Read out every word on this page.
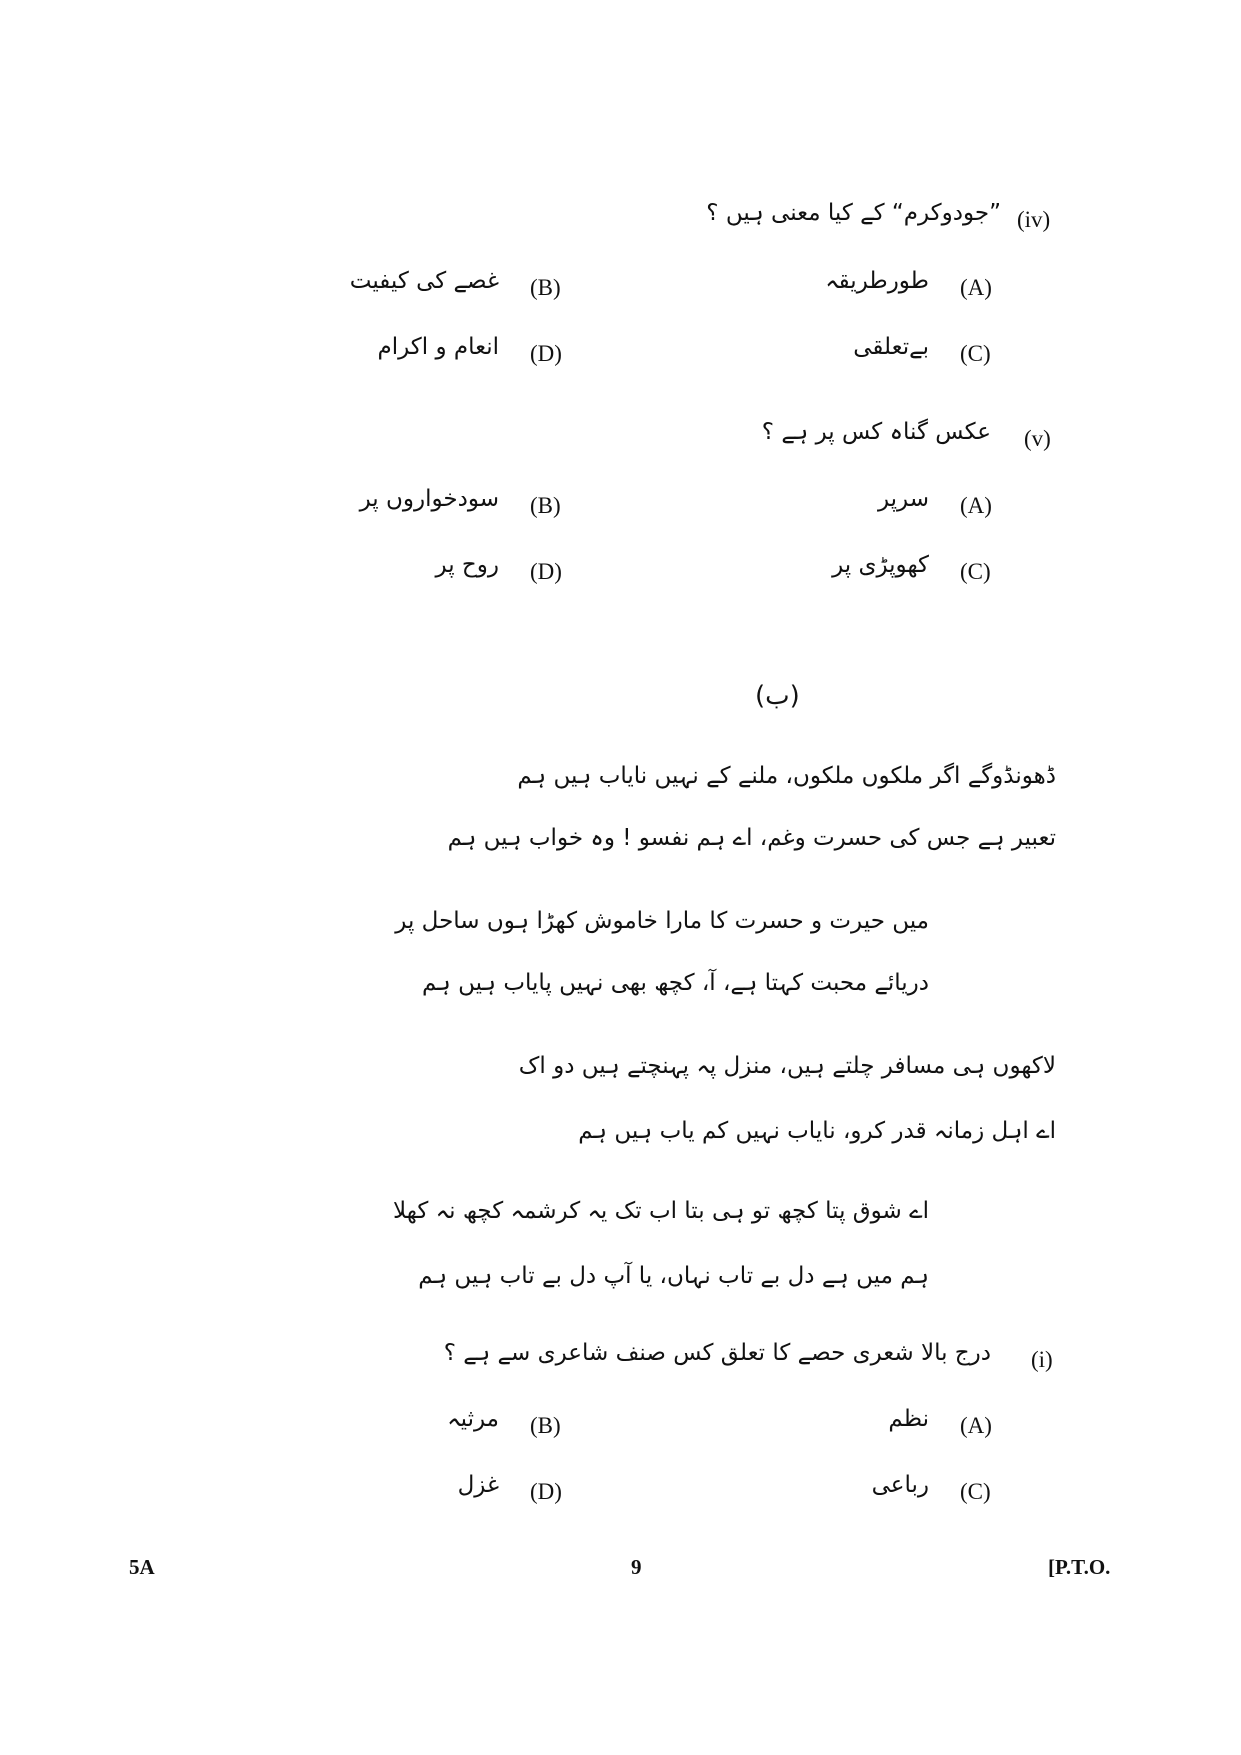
(iv)
”جودوکرم“ کے کیا معنی ہیں ؟
(A)
طورطریقہ
(B)
غصے کی کیفیت
(C)
بےتعلقی
(D)
انعام و اکرام
(v)
عکس گناہ کس پر ہے ؟
(A)
سرپر
(B)
سودخواروں پر
(C)
کھوپڑی پر
(D)
روح پر
(ب)
ڈھونڈوگے اگر ملکوں ملکوں، ملنے کے نہیں نایاب ہیں ہم
تعبیر ہے جس کی حسرت وغم، اے ہم نفسو ! وہ خواب ہیں ہم
میں حیرت و حسرت کا مارا خاموش کھڑا ہوں ساحل پر
دریائے محبت کہتا ہے، آ، کچھ بھی نہیں پایاب ہیں ہم
لاکھوں ہی مسافر چلتے ہیں، منزل پہ پہنچتے ہیں دو اک
اے اہل زمانہ قدر کرو، نایاب نہیں کم یاب ہیں ہم
اے شوق پتا کچھ تو ہی بتا اب تک یہ کرشمہ کچھ نہ کھلا
ہم میں ہے دل بے تاب نہاں، یا آپ دل بے تاب ہیں ہم
(i)
درج بالا شعری حصے کا تعلق کس صنف شاعری سے ہے ؟
(A)
نظم
(B)
مرثیہ
(C)
رباعی
(D)
غزل
5A	9	[P.T.O.
